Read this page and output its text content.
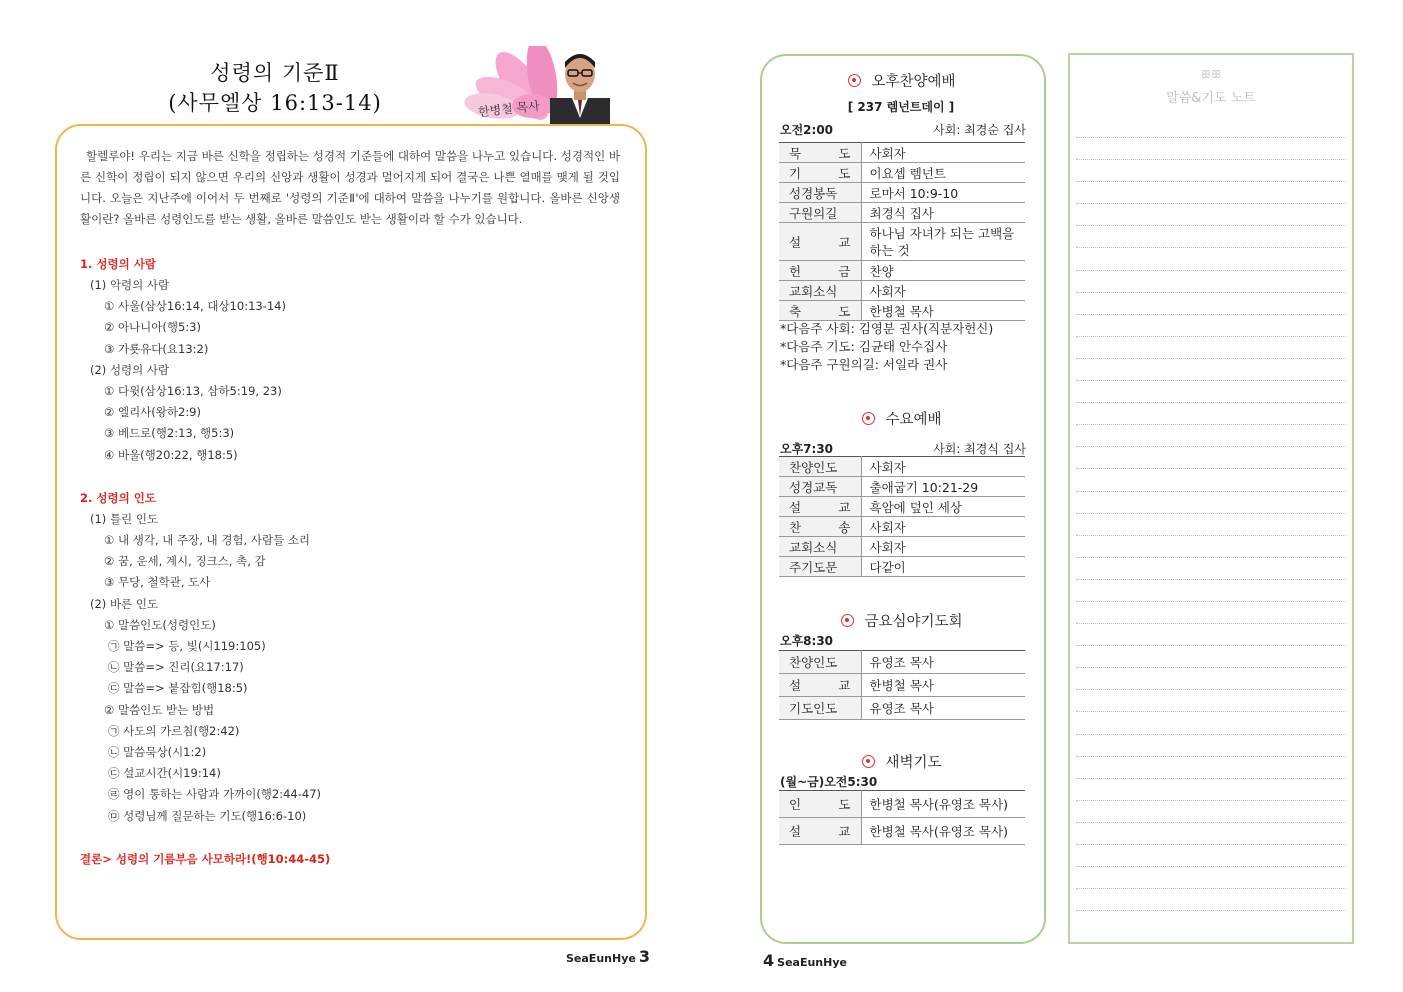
성령의 기준Ⅱ
(사무엘상 16:13-14)	한병철 목사

할렐루야! 우리는 지금 바른 신학을 정립하는 성경적 기준들에 대하여 말씀을 나누고 있습니다. 성경적인 바른 신학이 정립이 되지 않으면 우리의 신앙과 생활이 성경과 멀어지게 되어 결국은 나쁜 열매를 맺게 될 것입니다. 오늘은 지난주에 이어서 두 번째로 '성령의 기준Ⅱ'에 대하여 말씀을 나누기를 원합니다. 올바른 신앙생활이란? 올바른 성령인도를 받는 생활, 올바른 말씀인도 받는 생활이라 할 수가 있습니다.

1. 성령의 사람
(1) 악령의 사람
① 사울(삼상16:14, 대상10:13-14)
② 아나니아(행5:3)
③ 가룟유다(요13:2)
(2) 성령의 사람
① 다윗(삼상16:13, 삼하5:19, 23)
② 엘리사(왕하2:9)
③ 베드로(행2:13, 행5:3)
④ 바울(행20:22, 행18:5)
2. 성령의 인도
(1) 틀린 인도
① 내 생각, 내 주장, 내 경험, 사람들 소리
② 꿈, 운세, 계시, 징크스, 촉, 감
③ 무당, 철학관, 도사
(2) 바른 인도
① 말씀인도(성령인도)
㉠ 말씀=> 등, 빛(시119:105)
㉡ 말씀=> 진리(요17:17)
㉢ 말씀=> 붙잡힘(행18:5)
② 말씀인도 받는 방법
㉠ 사도의 가르침(행2:42)
㉡ 말씀묵상(시1:2)
㉢ 설교시간(시19:14)
㉣ 영이 통하는 사람과 가까이(행2:44-47)
㉤ 성령님께 질문하는 기도(행16:6-10)
결론> 성령의 기름부음 사모하라!(행10:44-45)
SeaEunHye 3
오후찬양예배
[ 237 렘넌트데이 ]
오전2:00	사회: 최경순 집사
묵 도	사회자
기 도	이요셉 렘넌트
성경봉독	로마서 10:9-10
구원의길	최경식 집사
설 교	하나님 자녀가 되는 고백을 하는 것
헌 금	찬양
교회소식	사회자
축 도	한병철 목사
*다음주 사회: 김영분 권사(직분자헌신)
*다음주 기도: 김균태 안수집사
*다음주 구원의길: 서일라 권사
수요예배
오후7:30	사회: 최경식 집사
찬양인도	사회자
성경교독	출애굽기 10:21-29
설 교	흑암에 덮인 세상
찬 송	사회자
교회소식	사회자
주기도문	다같이
금요심야기도회
오후8:30
찬양인도	유영조 목사
설 교	한병철 목사
기도인도	유영조 목사
새벽기도
(월~금)오전5:30
인 도	한병철 목사(유영조 목사)
설 교	한병철 목사(유영조 목사)
4 SeaEunHye
ꕥꕥ
말씀&기도 노트
